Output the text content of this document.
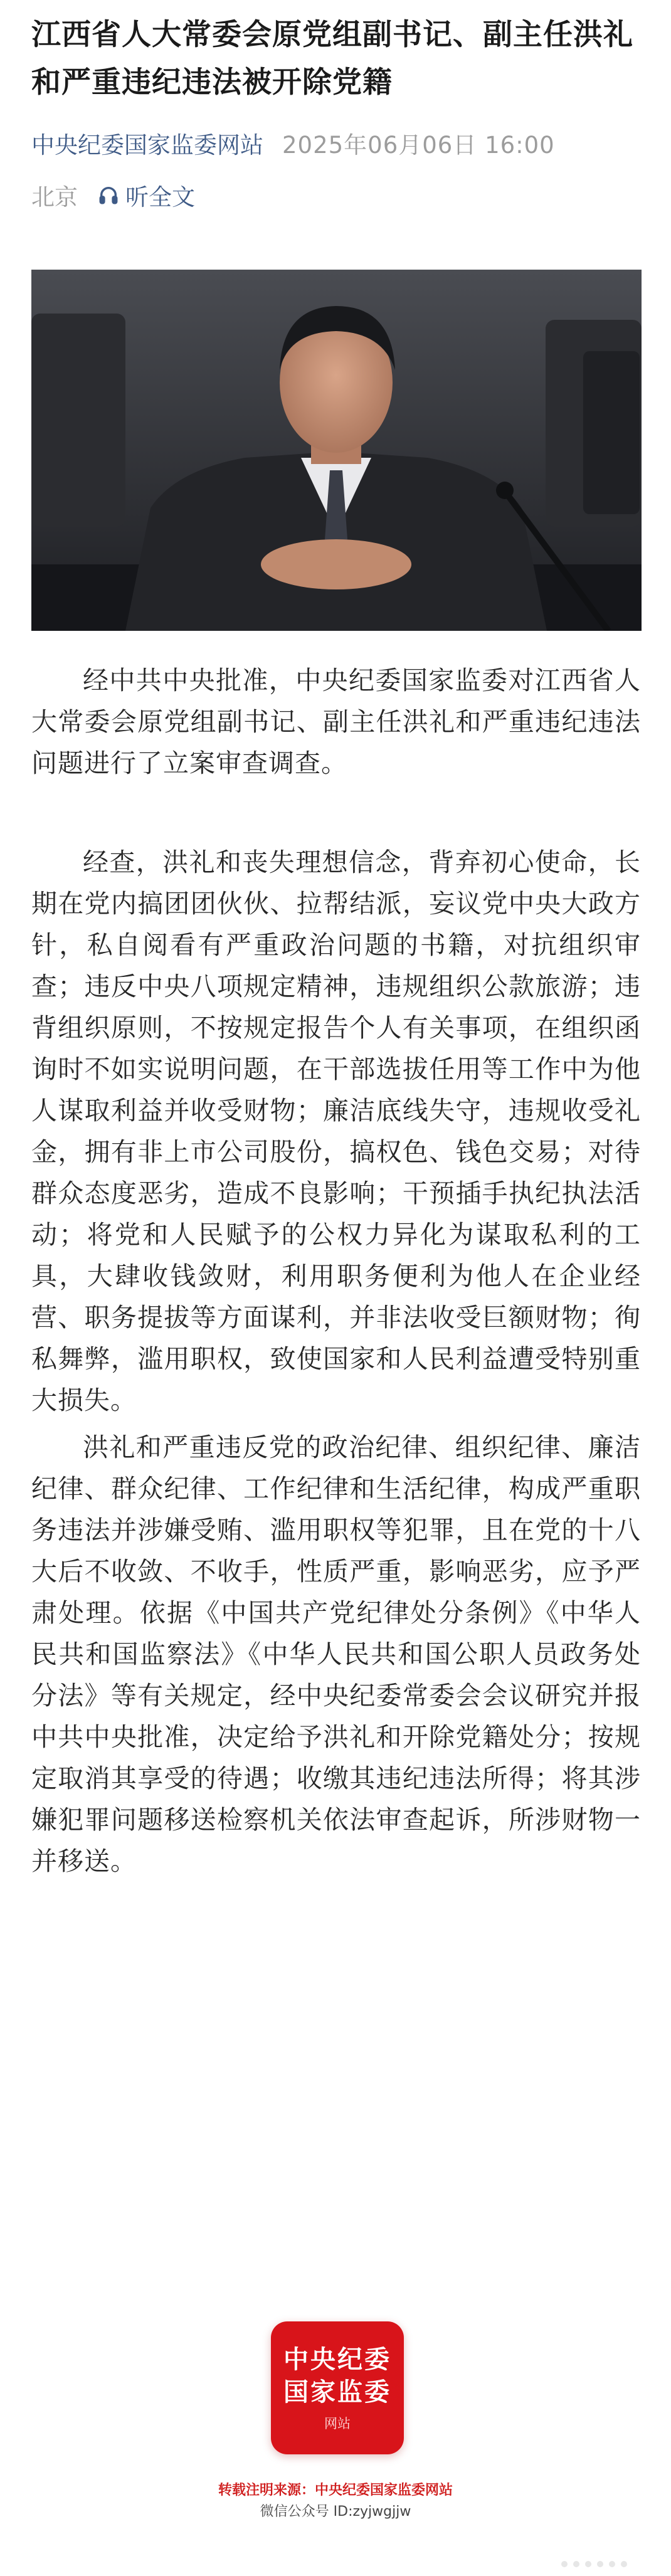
江西省人大常委会原党组副书记、副主任洪礼和严重违纪违法被开除党籍
中央纪委国家监委网站 2025年06月06日 16:00
北京 听全文

经中共中央批准，中央纪委国家监委对江西省人大常委会原党组副书记、副主任洪礼和严重违纪违法问题进行了立案审查调查。

经查，洪礼和丧失理想信念，背弃初心使命，长期在党内搞团团伙伙、拉帮结派，妄议党中央大政方针，私自阅看有严重政治问题的书籍，对抗组织审查；违反中央八项规定精神，违规组织公款旅游；违背组织原则，不按规定报告个人有关事项，在组织函询时不如实说明问题，在干部选拔任用等工作中为他人谋取利益并收受财物；廉洁底线失守，违规收受礼金，拥有非上市公司股份，搞权色、钱色交易；对待群众态度恶劣，造成不良影响；干预插手执纪执法活动；将党和人民赋予的公权力异化为谋取私利的工具，大肆收钱敛财，利用职务便利为他人在企业经营、职务提拔等方面谋利，并非法收受巨额财物；徇私舞弊，滥用职权，致使国家和人民利益遭受特别重大损失。

洪礼和严重违反党的政治纪律、组织纪律、廉洁纪律、群众纪律、工作纪律和生活纪律，构成严重职务违法并涉嫌受贿、滥用职权等犯罪，且在党的十八大后不收敛、不收手，性质严重，影响恶劣，应予严肃处理。依据《中国共产党纪律处分条例》《中华人民共和国监察法》《中华人民共和国公职人员政务处分法》等有关规定，经中央纪委常委会会议研究并报中共中央批准，决定给予洪礼和开除党籍处分；按规定取消其享受的待遇；收缴其违纪违法所得；将其涉嫌犯罪问题移送检察机关依法审查起诉，所涉财物一并移送。

中央纪委
国家监委
网站
转载注明来源：中央纪委国家监委网站
微信公众号 ID:zyjwgjjw
